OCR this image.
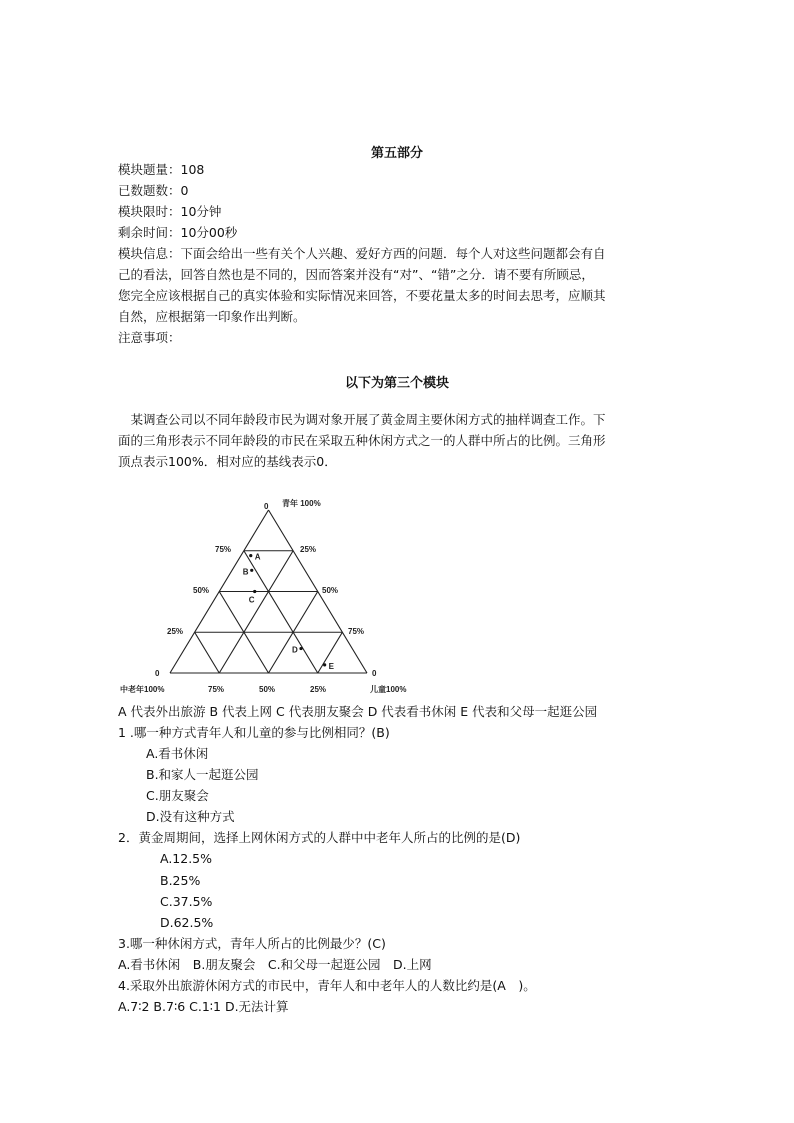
第五部分
模块题量：108
已数题数：0
模块限时：10分钟
剩余时间：10分00秒
模块信息：下面会给出一些有关个人兴趣、爱好方西的问题．每个人对这些问题都会有自
己的看法，回答自然也是不同的，因而答案并没有“对”、“错”之分．请不要有所顾忌，
您完全应该根据自己的真实体验和实际情况来回答，不要花量太多的时间去思考，应顺其
自然，应根据第一印象作出判断。
注意事项：
以下为第三个模块
　某调查公司以不同年龄段市民为调对象开展了黄金周主要休闲方式的抽样调查工作。下
面的三角形表示不同年龄段的市民在采取五种休闲方式之一的人群中所占的比例。三角形
顶点表示100%．相对应的基线表示0．
A
B
C
D
E
0 青年 100%
75%
50%
25%
0
25%
50%
75%
0
中老年100%	75%	50%	25%	儿童100%
A 代表外出旅游 B 代表上网 C 代表朋友聚会 D 代表看书休闲 E 代表和父母一起逛公园
1 .哪一种方式青年人和儿童的参与比例相同？(B)
A.看书休闲
B.和家人一起逛公园
C.朋友聚会
D.没有这种方式
2．黄金周期间，选择上网休闲方式的人群中中老年人所占的比例的是(D)
A.12.5%
B.25%
C.37.5%
D.62.5%
3.哪一种休闲方式，青年人所占的比例最少？(C)
A.看书休闲　B.朋友聚会　C.和父母一起逛公园　D.上网
4.采取外出旅游休闲方式的市民中，青年人和中老年人的人数比约是(A　)。
A.7∶2 B.7∶6 C.1∶1 D.无法计算
